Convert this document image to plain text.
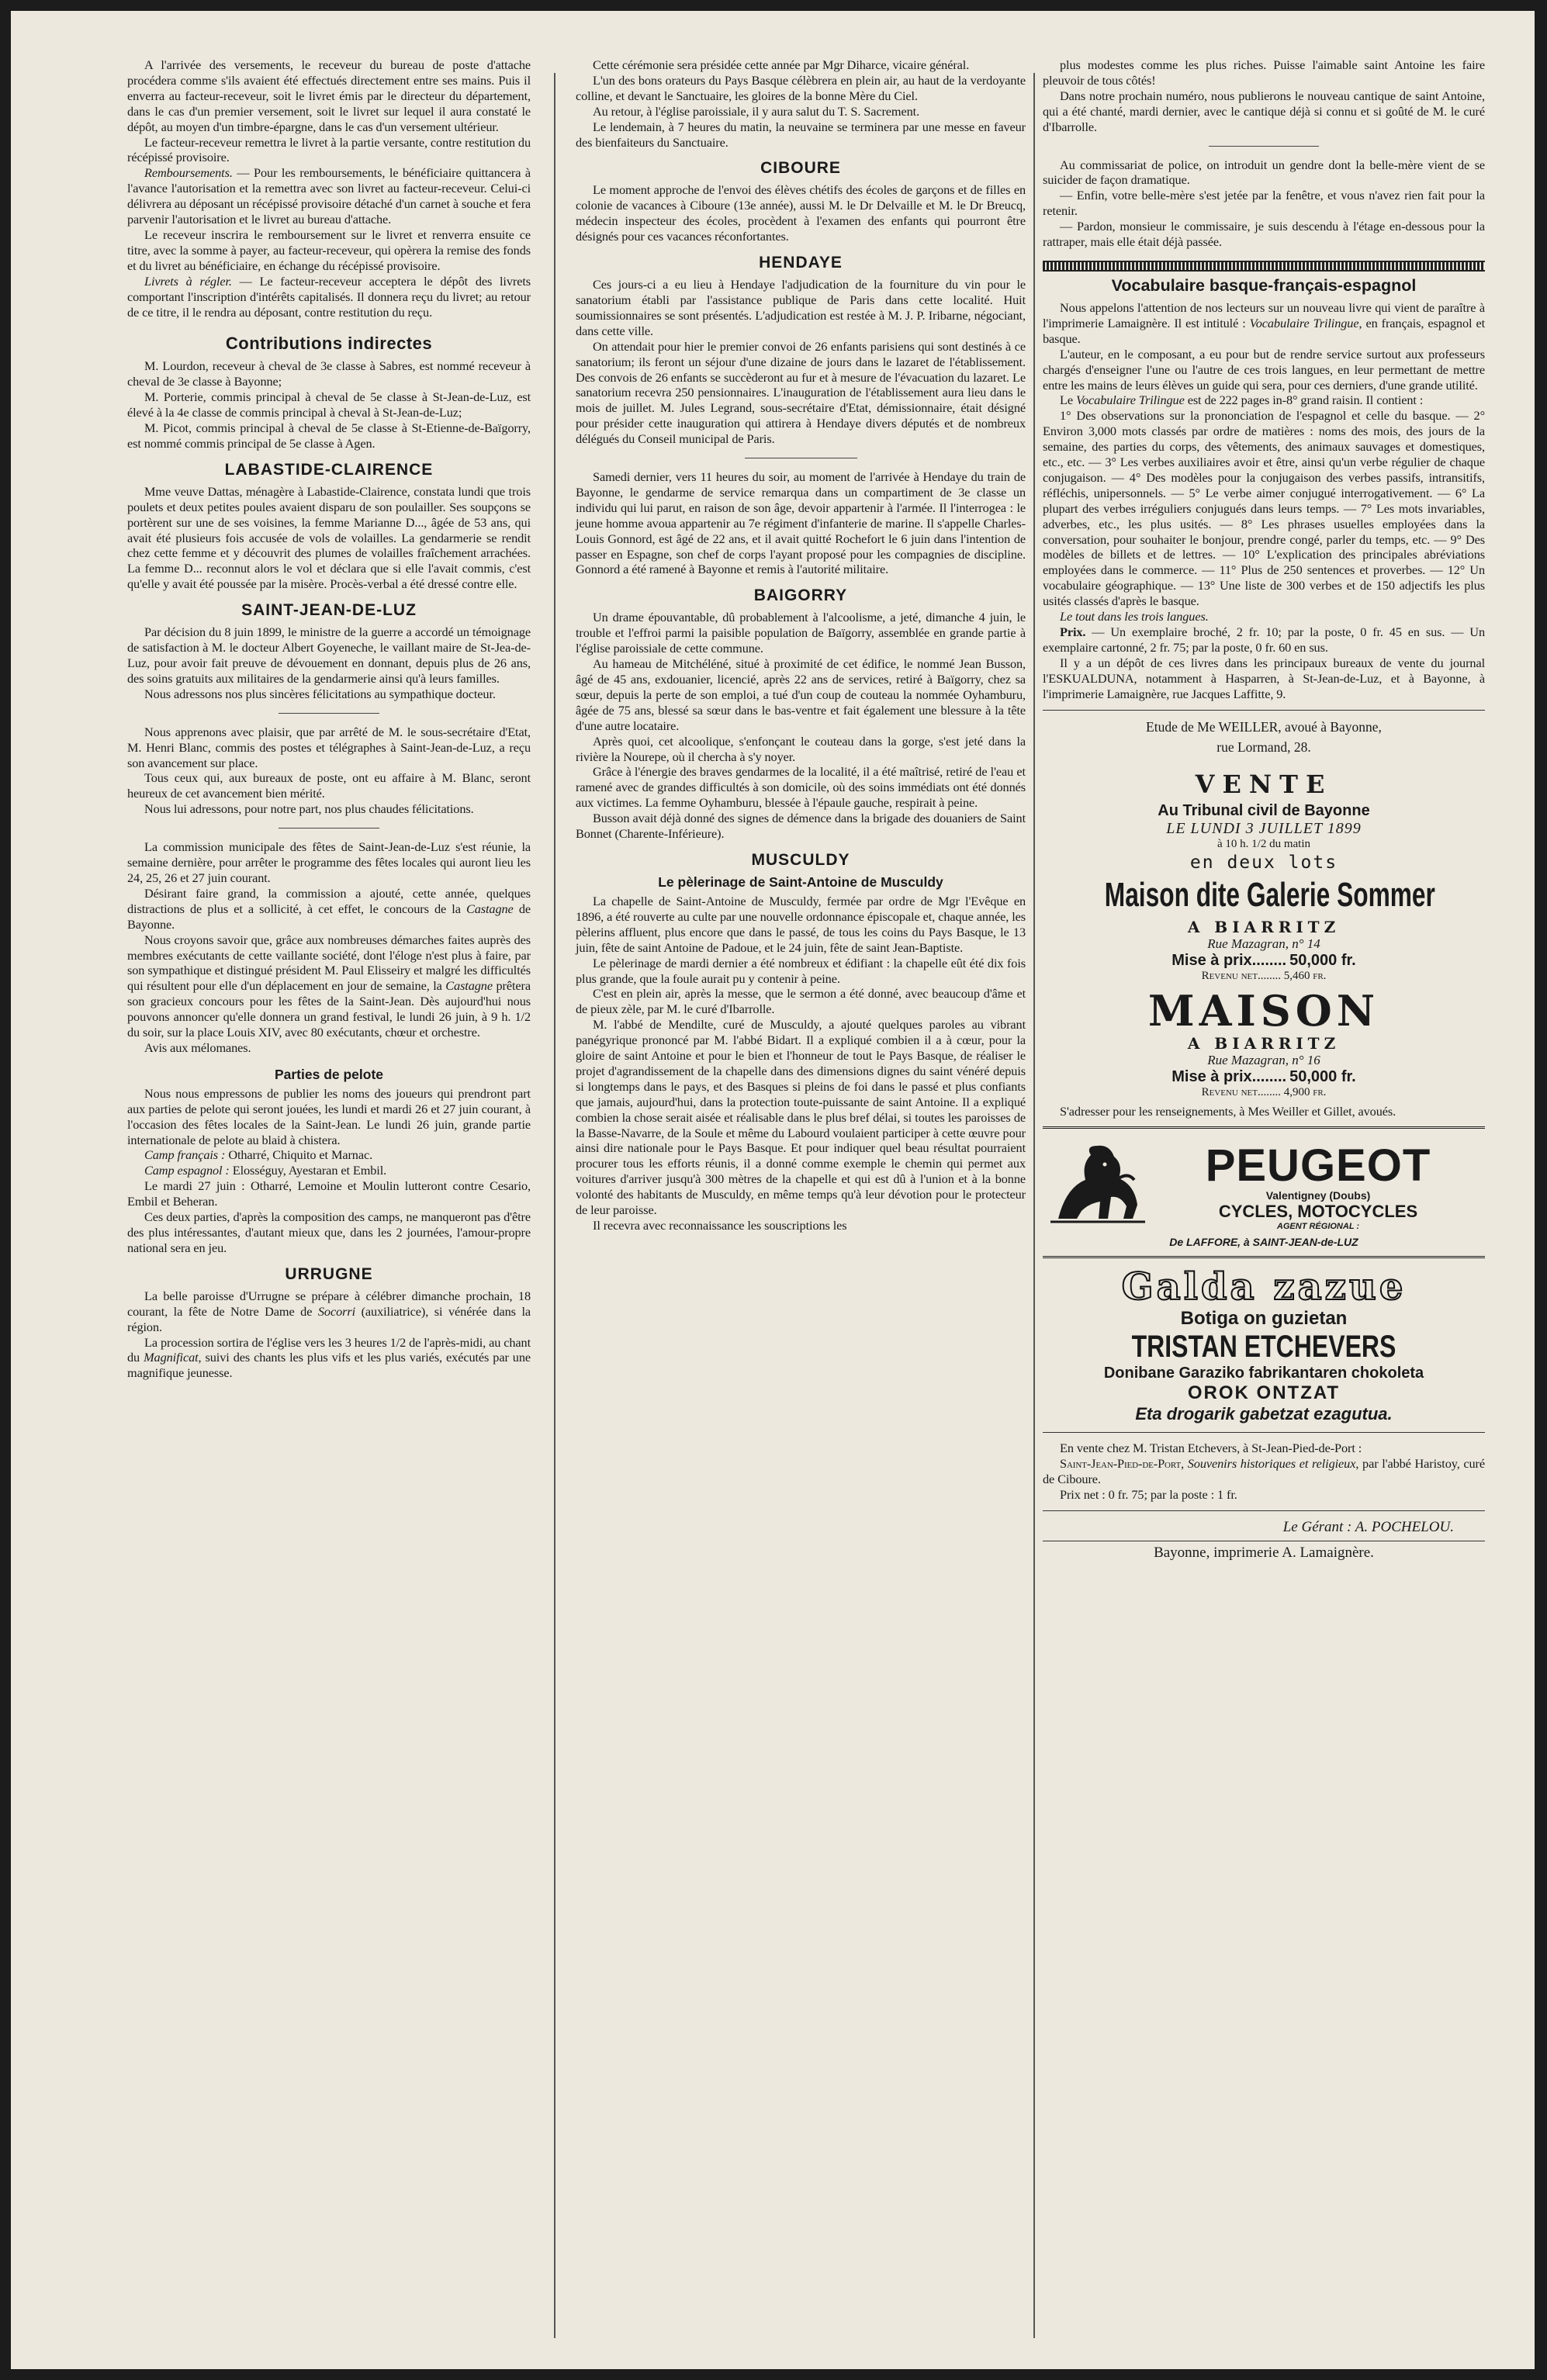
A l'arrivée des versements, le receveur du bureau de poste d'attache procédera comme s'ils avaient été effectués directement entre ses mains. Puis il enverra au facteur-receveur, soit le livret émis par le directeur du département, dans le cas d'un premier versement, soit le livret sur lequel il aura constaté le dépôt, au moyen d'un timbre-épargne, dans le cas d'un versement ultérieur.

Le facteur-receveur remettra le livret à la partie versante, contre restitution du récépissé provisoire.

Remboursements. — Pour les remboursements, le bénéficiaire quittancera à l'avance l'autorisation et la remettra avec son livret au facteur-receveur. Celui-ci délivrera au déposant un récépissé provisoire détaché d'un carnet à souche et fera parvenir l'autorisation et le livret au bureau d'attache.

Le receveur inscrira le remboursement sur le livret et renverra ensuite ce titre, avec la somme à payer, au facteur-receveur, qui opèrera la remise des fonds et du livret au bénéficiaire, en échange du récépissé provisoire.

Livrets à régler. — Le facteur-receveur acceptera le dépôt des livrets comportant l'inscription d'intérêts capitalisés. Il donnera reçu du livret; au retour de ce titre, il le rendra au déposant, contre restitution du reçu.

Contributions indirectes

M. Lourdon, receveur à cheval de 3e classe à Sabres, est nommé receveur à cheval de 3e classe à Bayonne;

M. Porterie, commis principal à cheval de 5e classe à St-Jean-de-Luz, est élevé à la 4e classe de commis principal à cheval à St-Jean-de-Luz;

M. Picot, commis principal à cheval de 5e classe à St-Etienne-de-Baïgorry, est nommé commis principal de 5e classe à Agen.

LABASTIDE-CLAIRENCE

Mme veuve Dattas, ménagère à Labastide-Clairence, constata lundi que trois poulets et deux petites poules avaient disparu de son poulailler. Ses soupçons se portèrent sur une de ses voisines, la femme Marianne D..., âgée de 53 ans, qui avait été plusieurs fois accusée de vols de volailles. La gendarmerie se rendit chez cette femme et y découvrit des plumes de volailles fraîchement arrachées. La femme D... reconnut alors le vol et déclara que si elle l'avait commis, c'est qu'elle y avait été poussée par la misère. Procès-verbal a été dressé contre elle.

SAINT-JEAN-DE-LUZ

Par décision du 8 juin 1899, le ministre de la guerre a accordé un témoignage de satisfaction à M. le docteur Albert Goyeneche, le vaillant maire de St-Jea-de-Luz, pour avoir fait preuve de dévouement en donnant, depuis plus de 26 ans, des soins gratuits aux militaires de la gendarmerie ainsi qu'à leurs familles.

Nous adressons nos plus sincères félicitations au sympathique docteur.

Nous apprenons avec plaisir, que par arrêté de M. le sous-secrétaire d'Etat, M. Henri Blanc, commis des postes et télégraphes à Saint-Jean-de-Luz, a reçu son avancement sur place.

Tous ceux qui, aux bureaux de poste, ont eu affaire à M. Blanc, seront heureux de cet avancement bien mérité.

Nous lui adressons, pour notre part, nos plus chaudes félicitations.

La commission municipale des fêtes de Saint-Jean-de-Luz s'est réunie, la semaine dernière, pour arrêter le programme des fêtes locales qui auront lieu les 24, 25, 26 et 27 juin courant.

Désirant faire grand, la commission a ajouté, cette année, quelques distractions de plus et a sollicité, à cet effet, le concours de la Castagne de Bayonne.

Nous croyons savoir que, grâce aux nombreuses démarches faites auprès des membres exécutants de cette vaillante société, dont l'éloge n'est plus à faire, par son sympathique et distingué président M. Paul Elisseiry et malgré les difficultés qui résultent pour elle d'un déplacement en jour de semaine, la Castagne prêtera son gracieux concours pour les fêtes de la Saint-Jean. Dès aujourd'hui nous pouvons annoncer qu'elle donnera un grand festival, le lundi 26 juin, à 9 h. 1/2 du soir, sur la place Louis XIV, avec 80 exécutants, chœur et orchestre.

Avis aux mélomanes.

Parties de pelote

Nous nous empressons de publier les noms des joueurs qui prendront part aux parties de pelote qui seront jouées, les lundi et mardi 26 et 27 juin courant, à l'occasion des fêtes locales de la Saint-Jean. Le lundi 26 juin, grande partie internationale de pelote au blaid à chistera.

Camp français : Otharré, Chiquito et Marnac.

Camp espagnol : Elosséguy, Ayestaran et Embil.

Le mardi 27 juin : Otharré, Lemoine et Moulin lutteront contre Cesario, Embil et Beheran.

Ces deux parties, d'après la composition des camps, ne manqueront pas d'être des plus intéressantes, d'autant mieux que, dans les 2 journées, l'amour-propre national sera en jeu.

URRUGNE

La belle paroisse d'Urrugne se prépare à célébrer dimanche prochain, 18 courant, la fête de Notre Dame de Socorri (auxiliatrice), si vénérée dans la région.

La procession sortira de l'église vers les 3 heures 1/2 de l'après-midi, au chant du Magnificat, suivi des chants les plus vifs et les plus variés, exécutés par une magnifique jeunesse.

Cette cérémonie sera présidée cette année par Mgr Diharce, vicaire général.

L'un des bons orateurs du Pays Basque célèbrera en plein air, au haut de la verdoyante colline, et devant le Sanctuaire, les gloires de la bonne Mère du Ciel.

Au retour, à l'église paroissiale, il y aura salut du T. S. Sacrement.

Le lendemain, à 7 heures du matin, la neuvaine se terminera par une messe en faveur des bienfaiteurs du Sanctuaire.

CIBOURE

Le moment approche de l'envoi des élèves chétifs des écoles de garçons et de filles en colonie de vacances à Ciboure (13e année), aussi M. le Dr Delvaille et M. le Dr Breucq, médecin inspecteur des écoles, procèdent à l'examen des enfants qui pourront être désignés pour ces vacances réconfortantes.

HENDAYE

Ces jours-ci a eu lieu à Hendaye l'adjudication de la fourniture du vin pour le sanatorium établi par l'assistance publique de Paris dans cette localité. Huit soumissionnaires se sont présentés. L'adjudication est restée à M. J. P. Iribarne, négociant, dans cette ville.

On attendait pour hier le premier convoi de 26 enfants parisiens qui sont destinés à ce sanatorium; ils feront un séjour d'une dizaine de jours dans le lazaret de l'établissement. Des convois de 26 enfants se succèderont au fur et à mesure de l'évacuation du lazaret. Le sanatorium recevra 250 pensionnaires. L'inauguration de l'établissement aura lieu dans le mois de juillet. M. Jules Legrand, sous-secrétaire d'Etat, démissionnaire, était désigné pour présider cette inauguration qui attirera à Hendaye divers députés et de nombreux délégués du Conseil municipal de Paris.

Samedi dernier, vers 11 heures du soir, au moment de l'arrivée à Hendaye du train de Bayonne, le gendarme de service remarqua dans un compartiment de 3e classe un individu qui lui parut, en raison de son âge, devoir appartenir à l'armée. Il l'interrogea : le jeune homme avoua appartenir au 7e régiment d'infanterie de marine. Il s'appelle Charles-Louis Gonnord, est âgé de 22 ans, et il avait quitté Rochefort le 6 juin dans l'intention de passer en Espagne, son chef de corps l'ayant proposé pour les compagnies de discipline. Gonnord a été ramené à Bayonne et remis à l'autorité militaire.

BAIGORRY

Un drame épouvantable, dû probablement à l'alcoolisme, a jeté, dimanche 4 juin, le trouble et l'effroi parmi la paisible population de Baïgorry, assemblée en grande partie à l'église paroissiale de cette commune.

Au hameau de Mitchéléné, situé à proximité de cet édifice, le nommé Jean Busson, âgé de 45 ans, exdouanier, licencié, après 22 ans de services, retiré à Baïgorry, chez sa sœur, depuis la perte de son emploi, a tué d'un coup de couteau la nommée Oyhamburu, âgée de 75 ans, blessé sa sœur dans le bas-ventre et fait également une blessure à la tête d'une autre locataire.

Après quoi, cet alcoolique, s'enfonçant le couteau dans la gorge, s'est jeté dans la rivière la Nourepe, où il chercha à s'y noyer.

Grâce à l'énergie des braves gendarmes de la localité, il a été maîtrisé, retiré de l'eau et ramené avec de grandes difficultés à son domicile, où des soins immédiats ont été donnés aux victimes. La femme Oyhamburu, blessée à l'épaule gauche, respirait à peine.

Busson avait déjà donné des signes de démence dans la brigade des douaniers de Saint Bonnet (Charente-Inférieure).

MUSCULDY
Le pèlerinage de Saint-Antoine de Musculdy

La chapelle de Saint-Antoine de Musculdy, fermée par ordre de Mgr l'Evêque en 1896, a été rouverte au culte par une nouvelle ordonnance épiscopale et, chaque année, les pèlerins affluent, plus encore que dans le passé, de tous les coins du Pays Basque, le 13 juin, fête de saint Antoine de Padoue, et le 24 juin, fête de saint Jean-Baptiste.

Le pèlerinage de mardi dernier a été nombreux et édifiant : la chapelle eût été dix fois plus grande, que la foule aurait pu y contenir à peine.

C'est en plein air, après la messe, que le sermon a été donné, avec beaucoup d'âme et de pieux zèle, par M. le curé d'Ibarrolle.

M. l'abbé de Mendilte, curé de Musculdy, a ajouté quelques paroles au vibrant panégyrique prononcé par M. l'abbé Bidart. Il a expliqué combien il a à cœur, pour la gloire de saint Antoine et pour le bien et l'honneur de tout le Pays Basque, de réaliser le projet d'agrandissement de la chapelle dans des dimensions dignes du saint vénéré depuis si longtemps dans le pays, et des Basques si pleins de foi dans le passé et plus confiants que jamais, aujourd'hui, dans la protection toute-puissante de saint Antoine. Il a expliqué combien la chose serait aisée et réalisable dans le plus bref délai, si toutes les paroisses de la Basse-Navarre, de la Soule et même du Labourd voulaient participer à cette œuvre pour ainsi dire nationale pour le Pays Basque. Et pour indiquer quel beau résultat pourraient procurer tous les efforts réunis, il a donné comme exemple le chemin qui permet aux voitures d'arriver jusqu'à 300 mètres de la chapelle et qui est dû à l'union et à la bonne volonté des habitants de Musculdy, en même temps qu'à leur dévotion pour le protecteur de leur paroisse.

Il recevra avec reconnaissance les souscriptions les

plus modestes comme les plus riches. Puisse l'aimable saint Antoine les faire pleuvoir de tous côtés!

Dans notre prochain numéro, nous publierons le nouveau cantique de saint Antoine, qui a été chanté, mardi dernier, avec le cantique déjà si connu et si goûté de M. le curé d'Ibarrolle.

Au commissariat de police, on introduit un gendre dont la belle-mère vient de se suicider de façon dramatique.

— Enfin, votre belle-mère s'est jetée par la fenêtre, et vous n'avez rien fait pour la retenir.

— Pardon, monsieur le commissaire, je suis descendu à l'étage en-dessous pour la rattraper, mais elle était déjà passée.

Vocabulaire basque-français-espagnol

Nous appelons l'attention de nos lecteurs sur un nouveau livre qui vient de paraître à l'imprimerie Lamaignère. Il est intitulé : Vocabulaire Trilingue, en français, espagnol et basque.

L'auteur, en le composant, a eu pour but de rendre service surtout aux professeurs chargés d'enseigner l'une ou l'autre de ces trois langues, en leur permettant de mettre entre les mains de leurs élèves un guide qui sera, pour ces derniers, d'une grande utilité.

Le Vocabulaire Trilingue est de 222 pages in-8° grand raisin. Il contient :

1° Des observations sur la prononciation de l'espagnol et celle du basque. — 2° Environ 3,000 mots classés par ordre de matières : noms des mois, des jours de la semaine, des parties du corps, des vêtements, des animaux sauvages et domestiques, etc., etc. — 3° Les verbes auxiliaires avoir et être, ainsi qu'un verbe régulier de chaque conjugaison. — 4° Des modèles pour la conjugaison des verbes passifs, intransitifs, réfléchis, unipersonnels. — 5° Le verbe aimer conjugué interrogativement. — 6° La plupart des verbes irréguliers conjugués dans leurs temps. — 7° Les mots invariables, adverbes, etc., les plus usités. — 8° Les phrases usuelles employées dans la conversation, pour souhaiter le bonjour, prendre congé, parler du temps, etc. — 9° Des modèles de billets et de lettres. — 10° L'explication des principales abréviations employées dans le commerce. — 11° Plus de 250 sentences et proverbes. — 12° Un vocabulaire géographique. — 13° Une liste de 300 verbes et de 150 adjectifs les plus usités classés d'après le basque.

Le tout dans les trois langues.

Prix. — Un exemplaire broché, 2 fr. 10; par la poste, 0 fr. 45 en sus. — Un exemplaire cartonné, 2 fr. 75; par la poste, 0 fr. 60 en sus.

Il y a un dépôt de ces livres dans les principaux bureaux de vente du journal l'ESKUALDUNA, notamment à Hasparren, à St-Jean-de-Luz, et à Bayonne, à l'imprimerie Lamaignère, rue Jacques Laffitte, 9.

Etude de Me WEILLER, avoué à Bayonne,
rue Lormand, 28.
VENTE
Au Tribunal civil de Bayonne
LE LUNDI 3 JUILLET 1899
à 10 h. 1/2 du matin
en deux lots
Maison dite Galerie Sommer
A BIARRITZ
Rue Mazagran, n° 14
Mise à prix........ 50,000 fr.
Revenu net........ 5,460 fr.
MAISON
A BIARRITZ
Rue Mazagran, n° 16
Mise à prix........ 50,000 fr.
Revenu net........ 4,900 fr.

S'adresser pour les renseignements, à Mes Weiller et Gillet, avoués.

PEUGEOT
Valentigney (Doubs)
CYCLES, MOTOCYCLES
AGENT RÉGIONAL :
De LAFFORE, à SAINT-JEAN-de-LUZ
Galda zazue
Botiga on guzietan
TRISTAN ETCHEVERS
Donibane Garaziko fabrikantaren chokoleta
OROK ONTZAT
Eta drogarik gabetzat ezagutua.

En vente chez M. Tristan Etchevers, à St-Jean-Pied-de-Port :

Saint-Jean-Pied-de-Port, Souvenirs historiques et religieux, par l'abbé Haristoy, curé de Ciboure.

Prix net : 0 fr. 75; par la poste : 1 fr.

Le Gérant : A. POCHELOU.
Bayonne, imprimerie A. Lamaignère.
